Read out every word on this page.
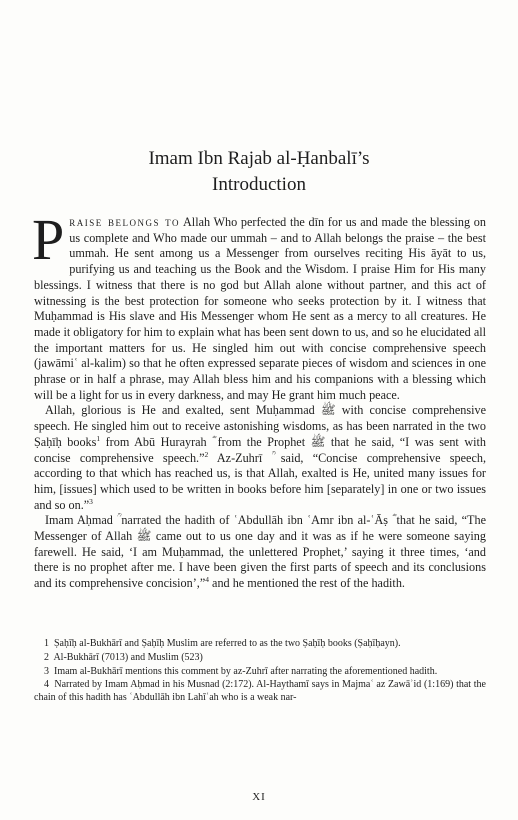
Imam Ibn Rajab al-Ḥanbalī’s
Introduction

Praise belongs to Allah Who perfected the dīn for us and made the blessing on us complete and Who made our ummah – and to Allah belongs the praise – the best ummah. He sent among us a Messenger from ourselves reciting His āyāt to us, purifying us and teaching us the Book and the Wisdom. I praise Him for His many blessings. I witness that there is no god but Allah alone without partner, and this act of witnessing is the best protection for someone who seeks protection by it. I witness that Muḥammad is His slave and His Messenger whom He sent as a mercy to all creatures. He made it obligatory for him to explain what has been sent down to us, and so he elucidated all the important matters for us. He singled him out with concise comprehensive speech (jawāmiʿ al-kalim) so that he often expressed separate pieces of wisdom and sciences in one phrase or in half a phrase, may Allah bless him and his companions with a blessing which will be a light for us in every darkness, and may He grant him much peace.

Allah, glorious is He and exalted, sent Muḥammad ﷺ with concise comprehensive speech. He singled him out to receive astonishing wisdoms, as has been narrated in the two Ṣaḥīḥ books$^1$ from Abū Hurayrah ؓ from the Prophet ﷺ that he said, “I was sent with concise comprehensive speech.”$^2$ Az-Zuhrī ؒ said, “Concise comprehensive speech, according to that which has reached us, is that Allah, exalted is He, united many issues for him, [issues] which used to be written in books before him [separately] in one or two issues and so on.”$^3$

Imam Aḥmad ؒ narrated the hadith of ʿAbdullāh ibn ʿAmr ibn al-ʿĀṣ ؓ that he said, “The Messenger of Allah ﷺ came out to us one day and it was as if he were someone saying farewell. He said, ‘I am Muḥammad, the unlettered Prophet,’ saying it three times, ‘and there is no prophet after me. I have been given the first parts of speech and its conclusions and its comprehensive concision’,”$^4$ and he mentioned the rest of the hadith.

1 Ṣaḥīḥ al-Bukhārī and Ṣaḥīḥ Muslim are referred to as the two Ṣaḥīḥ books (Ṣaḥīḥayn).

2 Al-Bukhārī (7013) and Muslim (523)

3 Imam al-Bukhārī mentions this comment by az-Zuhrī after narrating the aforementioned hadith.

4 Narrated by Imam Aḥmad in his Musnad (2:172). Al-Haythamī says in Majmaʿ az Zawāʾid (1:169) that the chain of this hadith has ʿAbdullāh ibn Lahīʿah who is a weak nar-

XI
